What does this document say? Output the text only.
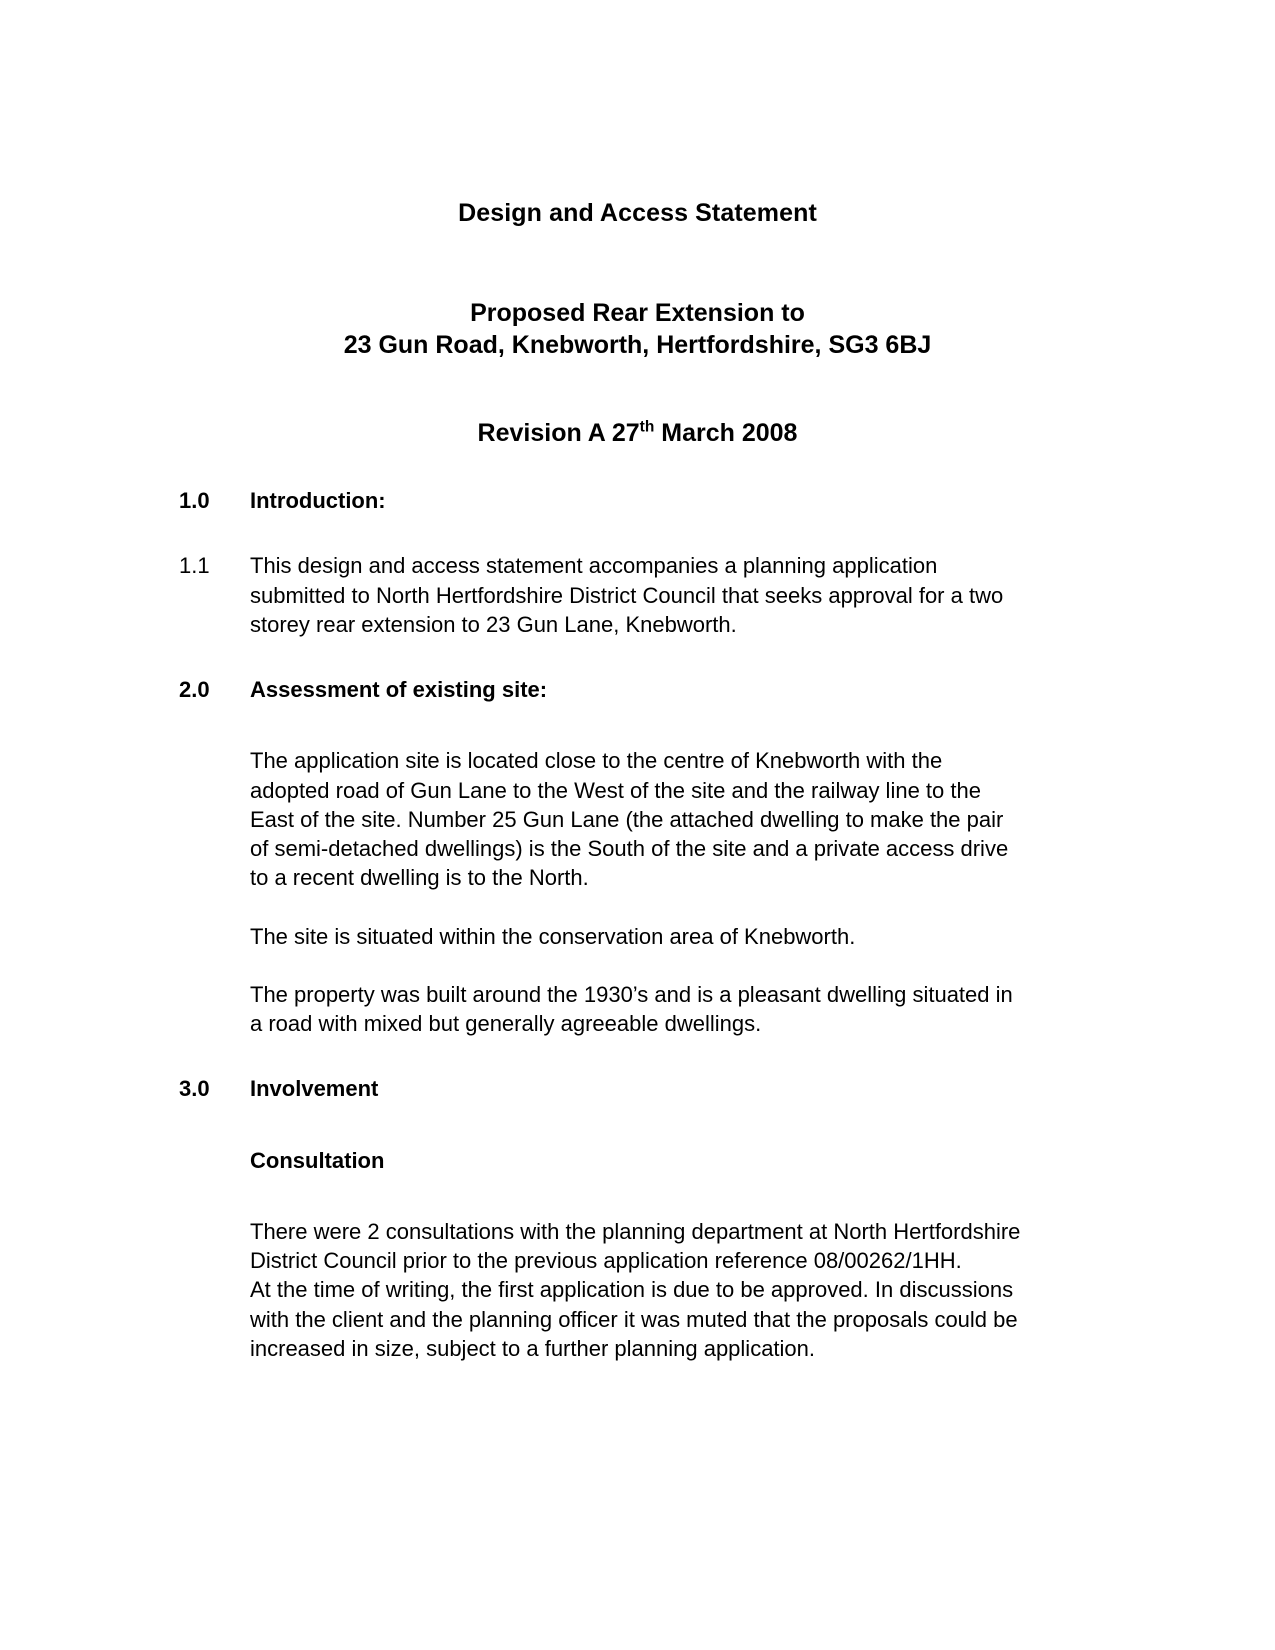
Design and Access Statement
Proposed Rear Extension to
23 Gun Road, Knebworth, Hertfordshire, SG3 6BJ
Revision A 27th March 2008
1.0	Introduction:
1.1	This design and access statement accompanies a planning application submitted to North Hertfordshire District Council that seeks approval for a two storey rear extension to 23 Gun Lane, Knebworth.
2.0	Assessment of existing site:

The application site is located close to the centre of Knebworth with the adopted road of Gun Lane to the West of the site and the railway line to the East of the site. Number 25 Gun Lane (the attached dwelling to make the pair of semi-detached dwellings) is the South of the site and a private access drive to a recent dwelling is to the North.

The site is situated within the conservation area of Knebworth.

The property was built around the 1930’s and is a pleasant dwelling situated in a road with mixed but generally agreeable dwellings.

3.0	Involvement

Consultation

There were 2 consultations with the planning department at North Hertfordshire District Council prior to the previous application reference 08/00262/1HH.

At the time of writing, the first application is due to be approved. In discussions with the client and the planning officer it was muted that the proposals could be increased in size, subject to a further planning application.
